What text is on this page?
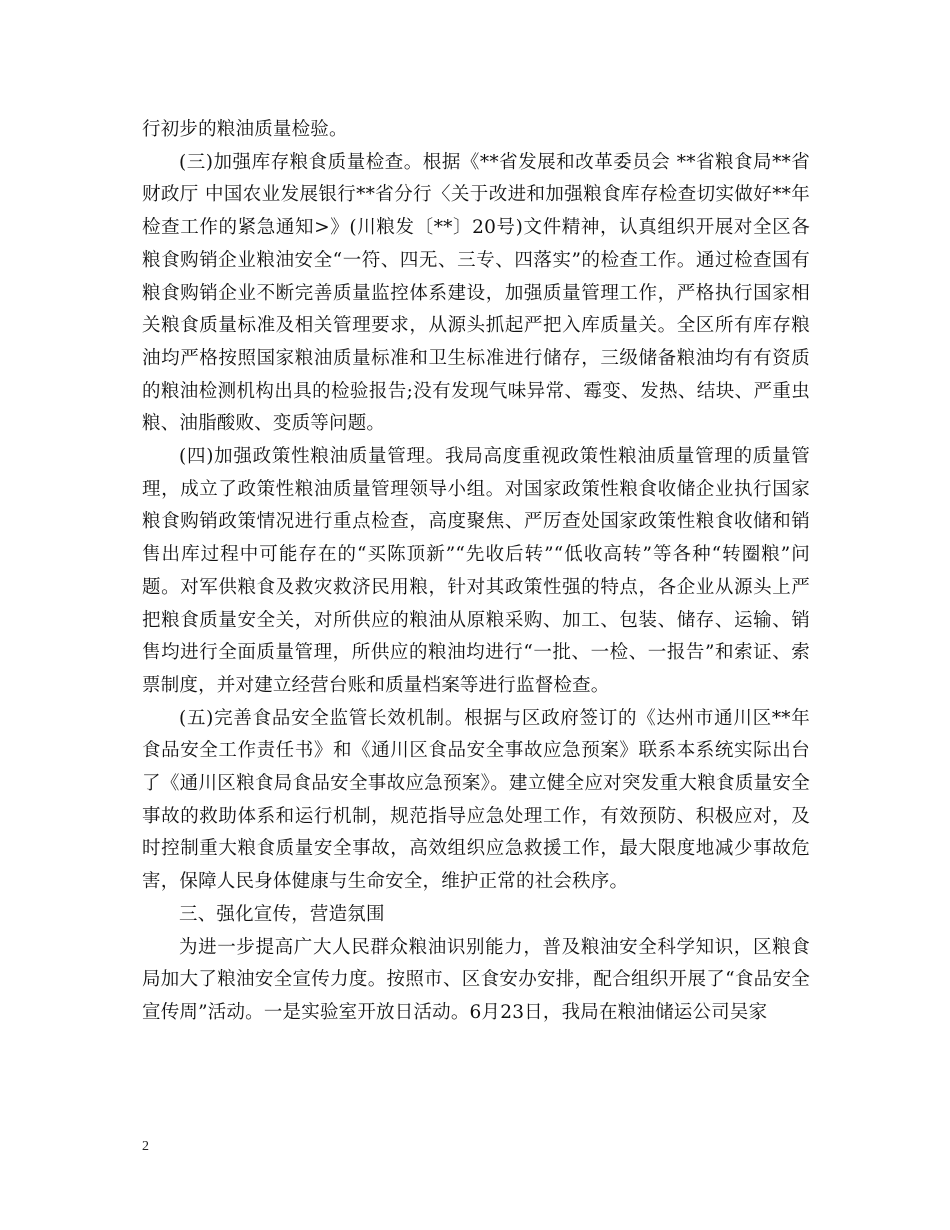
行初步的粮油质量检验。

(三)加强库存粮食质量检查。根据《**省发展和改革委员会 **省粮食局**省财政厅 中国农业发展银行**省分行〈关于改进和加强粮食库存检查切实做好**年检查工作的紧急通知>》(川粮发〔**〕20号)文件精神，认真组织开展对全区各粮食购销企业粮油安全“一符、四无、三专、四落实”的检查工作。通过检查国有粮食购销企业不断完善质量监控体系建设，加强质量管理工作，严格执行国家相关粮食质量标准及相关管理要求，从源头抓起严把入库质量关。全区所有库存粮油均严格按照国家粮油质量标准和卫生标准进行储存，三级储备粮油均有有资质的粮油检测机构出具的检验报告;没有发现气味异常、霉变、发热、结块、严重虫粮、油脂酸败、变质等问题。

(四)加强政策性粮油质量管理。我局高度重视政策性粮油质量管理的质量管理，成立了政策性粮油质量管理领导小组。对国家政策性粮食收储企业执行国家粮食购销政策情况进行重点检查，高度聚焦、严厉查处国家政策性粮食收储和销售出库过程中可能存在的“买陈顶新”“先收后转”“低收高转”等各种“转圈粮”问题。对军供粮食及救灾救济民用粮，针对其政策性强的特点，各企业从源头上严把粮食质量安全关，对所供应的粮油从原粮采购、加工、包装、储存、运输、销售均进行全面质量管理，所供应的粮油均进行“一批、一检、一报告”和索证、索票制度，并对建立经营台账和质量档案等进行监督检查。

(五)完善食品安全监管长效机制。根据与区政府签订的《达州市通川区**年食品安全工作责任书》和《通川区食品安全事故应急预案》联系本系统实际出台了《通川区粮食局食品安全事故应急预案》。建立健全应对突发重大粮食质量安全事故的救助体系和运行机制，规范指导应急处理工作，有效预防、积极应对，及时控制重大粮食质量安全事故，高效组织应急救援工作，最大限度地减少事故危害，保障人民身体健康与生命安全，维护正常的社会秩序。

三、强化宣传，营造氛围

为进一步提高广大人民群众粮油识别能力，普及粮油安全科学知识，区粮食局加大了粮油安全宣传力度。按照市、区食安办安排，配合组织开展了“食品安全宣传周”活动。一是实验室开放日活动。6月23日，我局在粮油储运公司吴家

2
